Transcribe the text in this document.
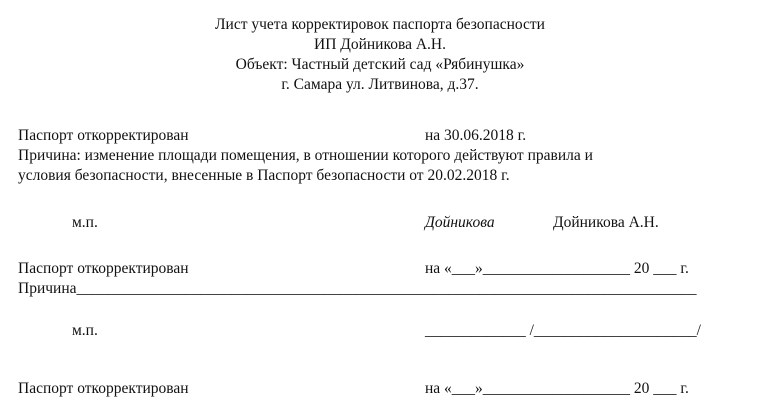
Лист учета корректировок паспорта безопасности
ИП Дойникова А.Н.
Объект: Частный детский сад «Рябинушка»
г. Самара ул. Литвинова, д.37.
Паспорт откорректирован	на 30.06.2018 г.
Причина: изменение площади помещения, в отношении которого действуют правила и
условия безопасности, внесенные в Паспорт безопасности от 20.02.2018 г.
м.п.	Дойникова	Дойникова А.Н.
Паспорт откорректирован	на «___»___________________ 20 ___ г.
Причина________________________________________________________________________________
м.п.	_____________ /_____________________/
Паспорт откорректирован	на «___»___________________ 20 ___ г.
